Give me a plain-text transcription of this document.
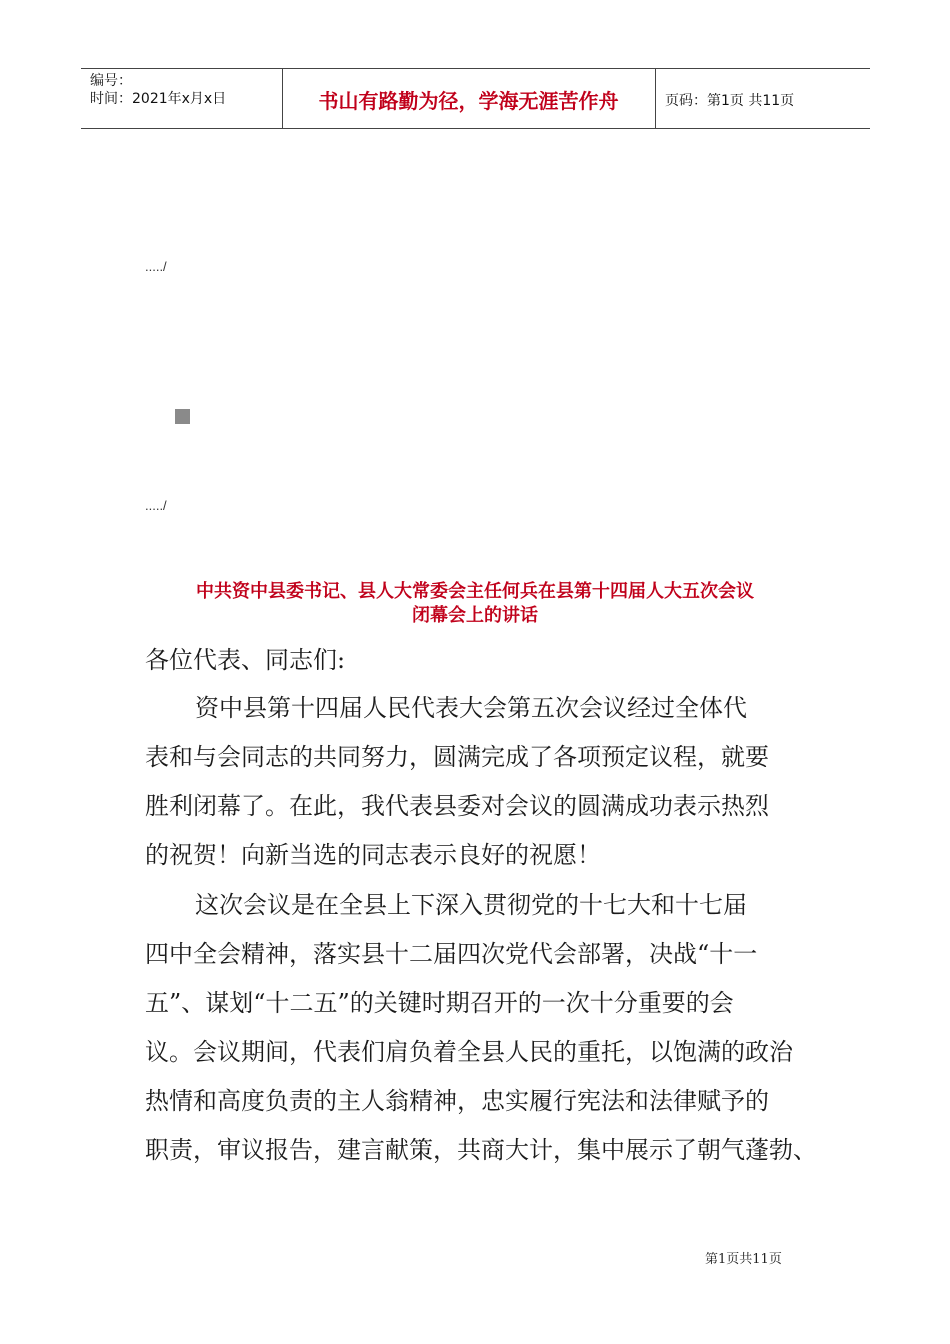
编号：
时间：2021年x月x日	书山有路勤为径，学海无涯苦作舟	页码：第1页 共11页
...../
...../
中共资中县委书记、县人大常委会主任何兵在县第十四届人大五次会议
闭幕会上的讲话
各位代表、同志们:
资中县第十四届人民代表大会第五次会议经过全体代
表和与会同志的共同努力，圆满完成了各项预定议程，就要
胜利闭幕了。在此，我代表县委对会议的圆满成功表示热烈
的祝贺！向新当选的同志表示良好的祝愿！
这次会议是在全县上下深入贯彻党的十七大和十七届
四中全会精神，落实县十二届四次党代会部署，决战“十一
五”、谋划“十二五”的关键时期召开的一次十分重要的会
议。会议期间，代表们肩负着全县人民的重托，以饱满的政治
热情和高度负责的主人翁精神，忠实履行宪法和法律赋予的
职责，审议报告，建言献策，共商大计，集中展示了朝气蓬勃、
第1页共11页
